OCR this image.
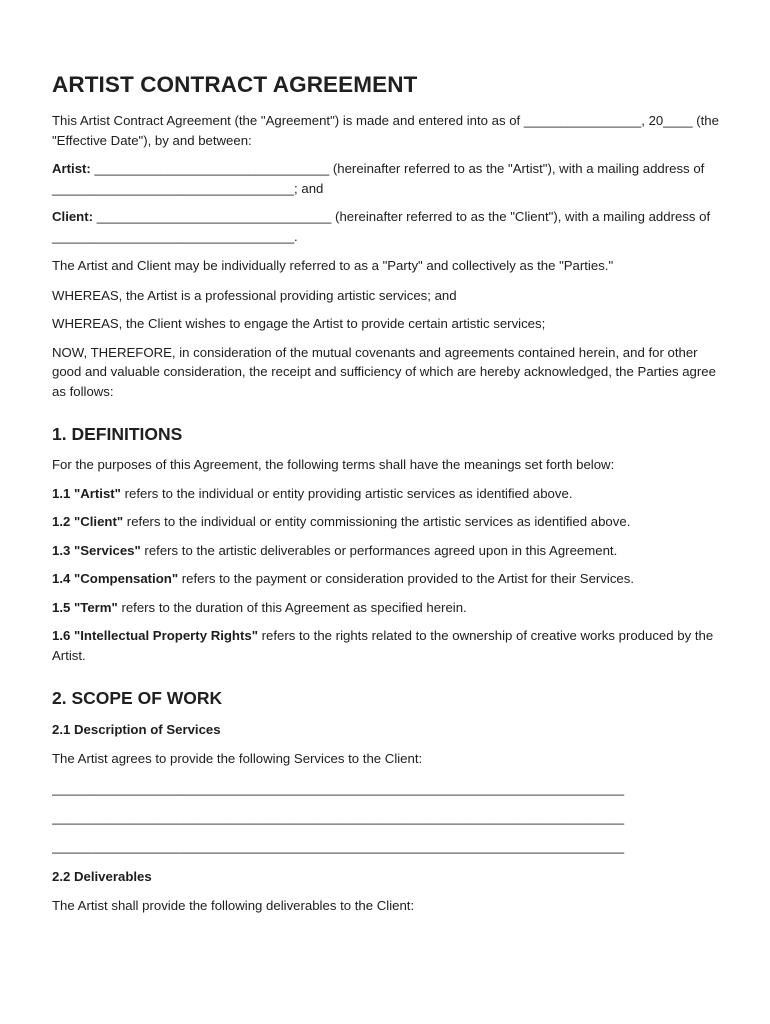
ARTIST CONTRACT AGREEMENT

This Artist Contract Agreement (the "Agreement") is made and entered into as of ________________, 20____ (the "Effective Date"), by and between:

Artist: ________________________________ (hereinafter referred to as the "Artist"), with a mailing address of _________________________________; and

Client: ________________________________ (hereinafter referred to as the "Client"), with a mailing address of _________________________________.

The Artist and Client may be individually referred to as a "Party" and collectively as the "Parties."

WHEREAS, the Artist is a professional providing artistic services; and

WHEREAS, the Client wishes to engage the Artist to provide certain artistic services;

NOW, THEREFORE, in consideration of the mutual covenants and agreements contained herein, and for other good and valuable consideration, the receipt and sufficiency of which are hereby acknowledged, the Parties agree as follows:

1. DEFINITIONS

For the purposes of this Agreement, the following terms shall have the meanings set forth below:

1.1 "Artist" refers to the individual or entity providing artistic services as identified above.

1.2 "Client" refers to the individual or entity commissioning the artistic services as identified above.

1.3 "Services" refers to the artistic deliverables or performances agreed upon in this Agreement.

1.4 "Compensation" refers to the payment or consideration provided to the Artist for their Services.

1.5 "Term" refers to the duration of this Agreement as specified herein.

1.6 "Intellectual Property Rights" refers to the rights related to the ownership of creative works produced by the Artist.

2. SCOPE OF WORK
2.1 Description of Services

The Artist agrees to provide the following Services to the Client:

______________________________________________________________________________
______________________________________________________________________________
______________________________________________________________________________
2.2 Deliverables

The Artist shall provide the following deliverables to the Client:
